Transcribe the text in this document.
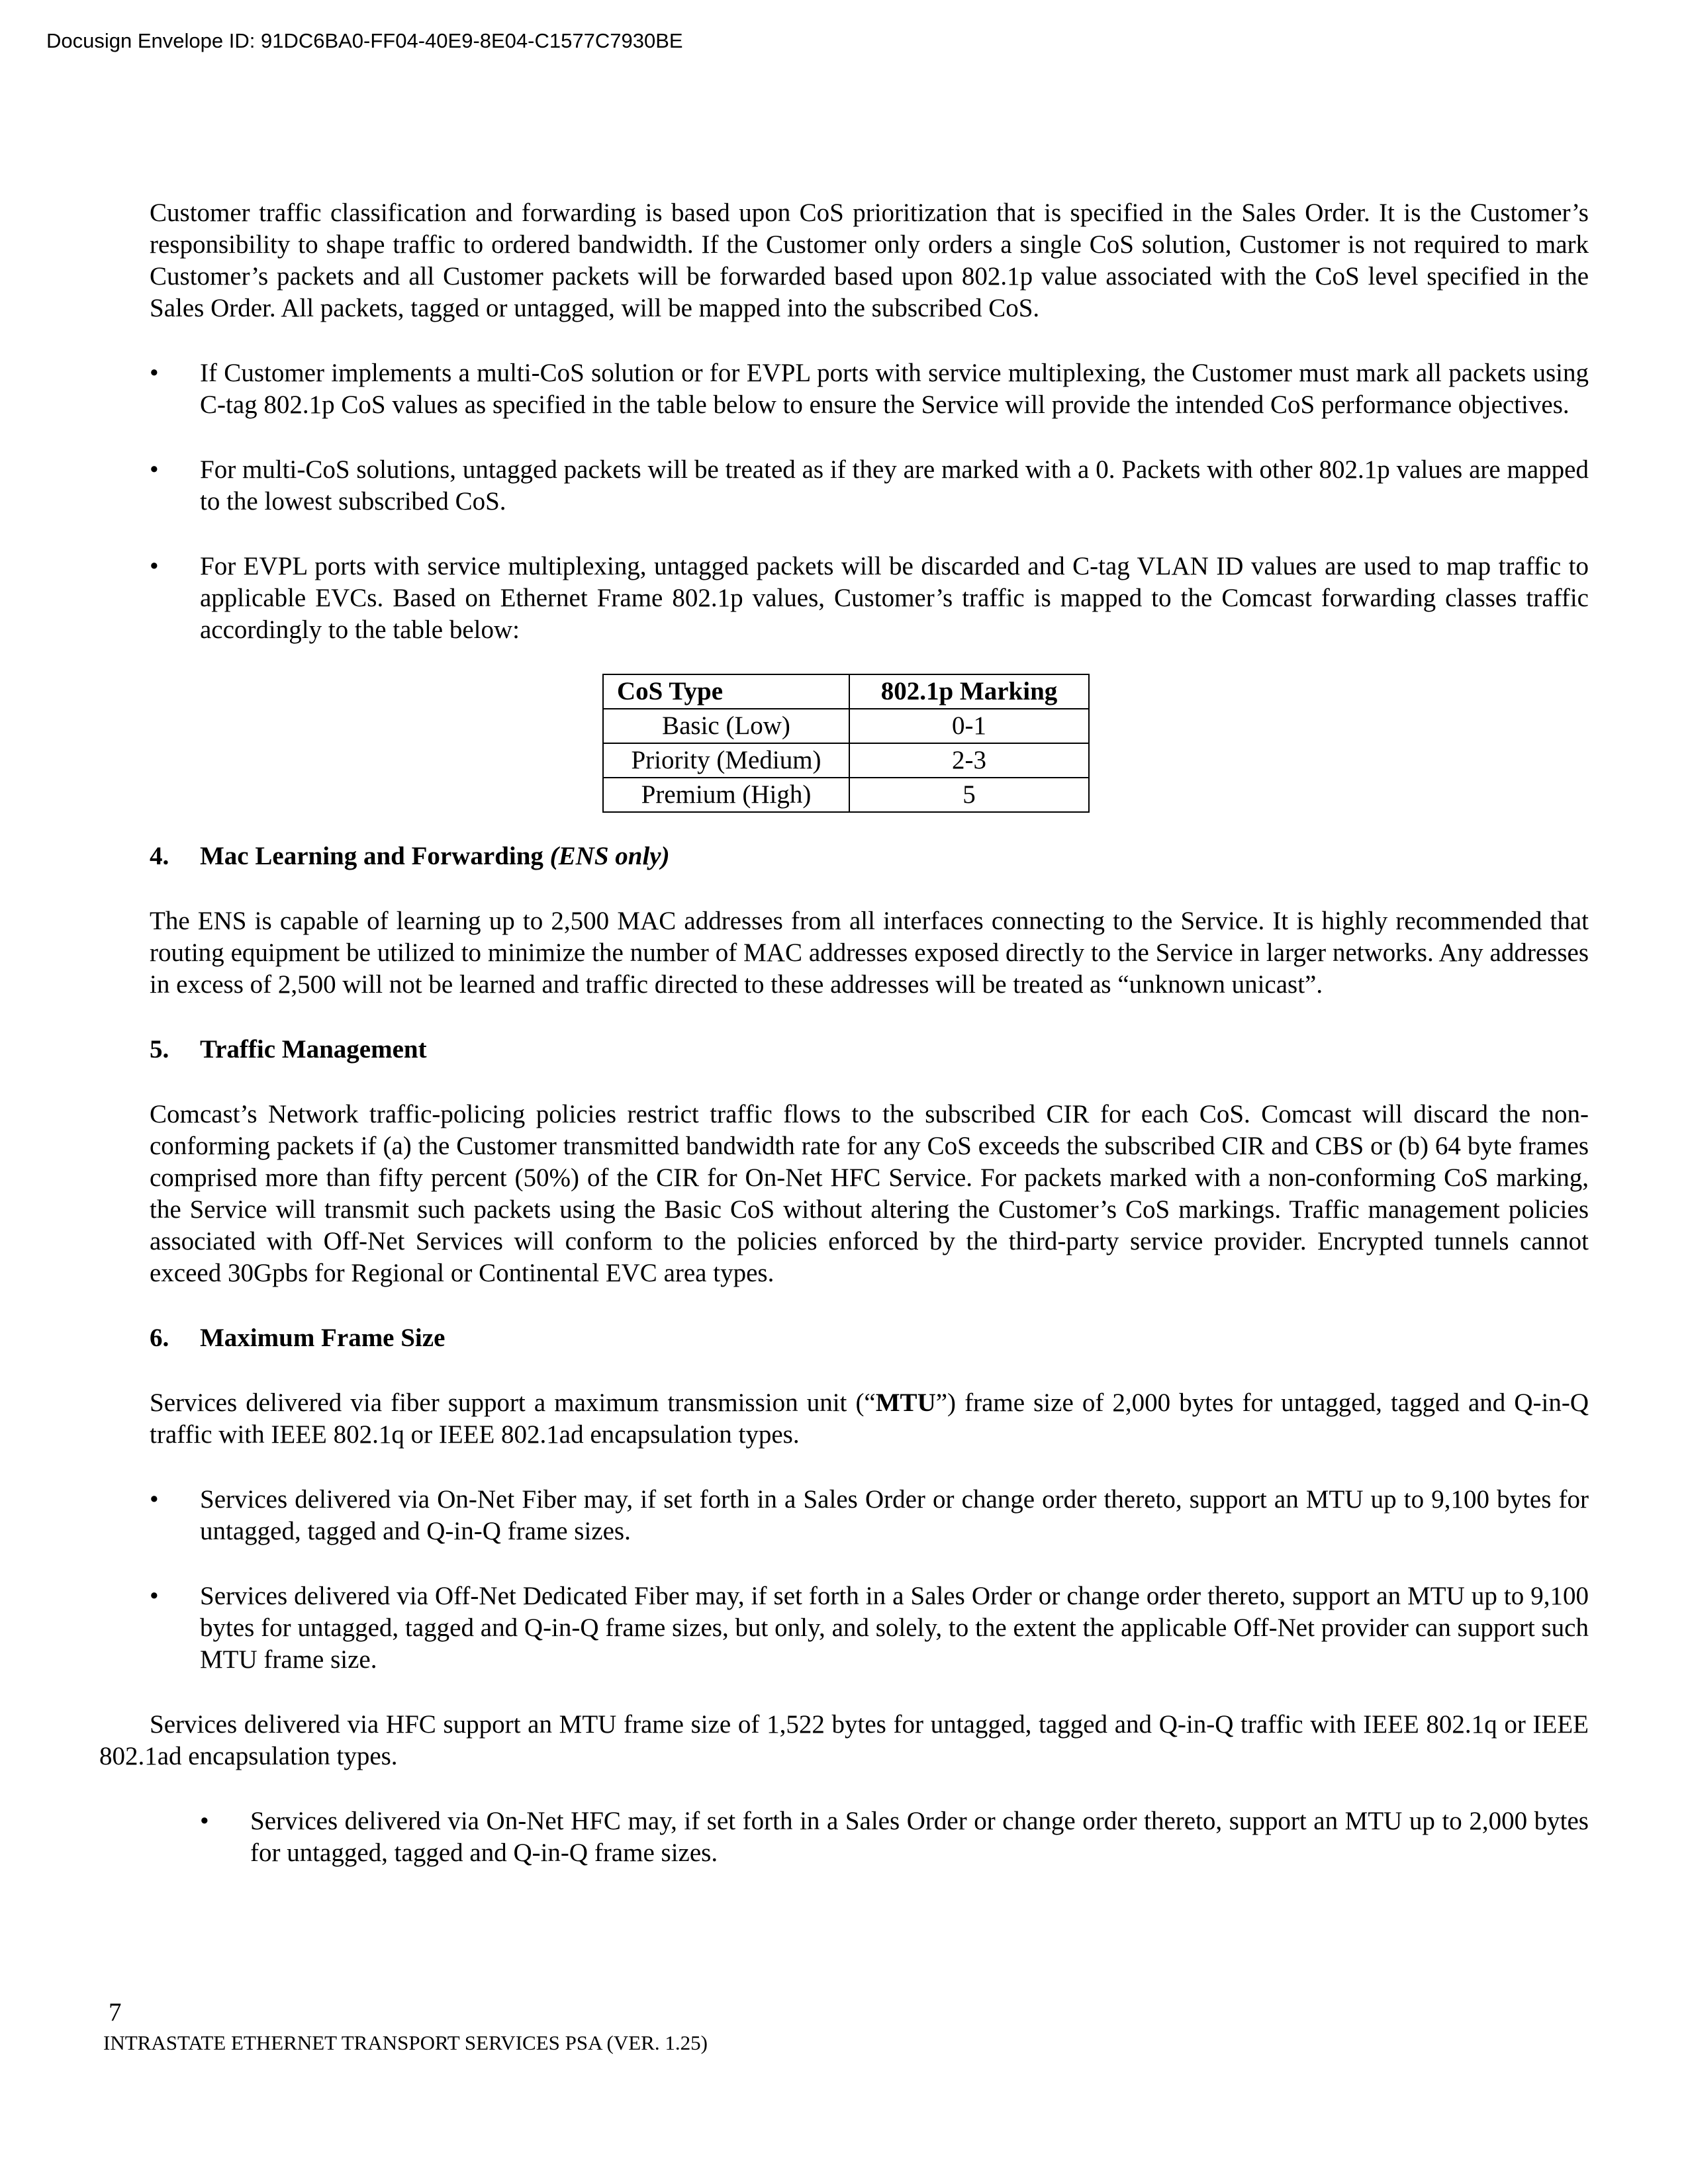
Docusign Envelope ID: 91DC6BA0-FF04-40E9-8E04-C1577C7930BE

Customer traffic classification and forwarding is based upon CoS prioritization that is specified in the Sales Order. It is the Customer’s responsibility to shape traffic to ordered bandwidth. If the Customer only orders a single CoS solution, Customer is not required to mark Customer’s packets and all Customer packets will be forwarded based upon 802.1p value associated with the CoS level specified in the Sales Order. All packets, tagged or untagged, will be mapped into the subscribed CoS.

•	If Customer implements a multi-CoS solution or for EVPL ports with service multiplexing, the Customer must mark all packets using C-tag 802.1p CoS values as specified in the table below to ensure the Service will provide the intended CoS performance objectives.
•	For multi-CoS solutions, untagged packets will be treated as if they are marked with a 0. Packets with other 802.1p values are mapped to the lowest subscribed CoS.
•	For EVPL ports with service multiplexing, untagged packets will be discarded and C-tag VLAN ID values are used to map traffic to applicable EVCs. Based on Ethernet Frame 802.1p values, Customer’s traffic is mapped to the Comcast forwarding classes traffic accordingly to the table below:
CoS Type	802.1p Marking
Basic (Low)	0-1
Priority (Medium)	2-3
Premium (High)	5
4. Mac Learning and Forwarding (ENS only)

The ENS is capable of learning up to 2,500 MAC addresses from all interfaces connecting to the Service. It is highly recommended that routing equipment be utilized to minimize the number of MAC addresses exposed directly to the Service in larger networks. Any addresses in excess of 2,500 will not be learned and traffic directed to these addresses will be treated as “unknown unicast”.

5. Traffic Management

Comcast’s Network traffic-policing policies restrict traffic flows to the subscribed CIR for each CoS. Comcast will discard the non-conforming packets if (a) the Customer transmitted bandwidth rate for any CoS exceeds the subscribed CIR and CBS or (b) 64 byte frames comprised more than fifty percent (50%) of the CIR for On-Net HFC Service. For packets marked with a non-conforming CoS marking, the Service will transmit such packets using the Basic CoS without altering the Customer’s CoS markings. Traffic management policies associated with Off-Net Services will conform to the policies enforced by the third-party service provider. Encrypted tunnels cannot exceed 30Gpbs for Regional or Continental EVC area types.

6. Maximum Frame Size

Services delivered via fiber support a maximum transmission unit (“MTU”) frame size of 2,000 bytes for untagged, tagged and Q-in-Q traffic with IEEE 802.1q or IEEE 802.1ad encapsulation types.

•	Services delivered via On-Net Fiber may, if set forth in a Sales Order or change order thereto, support an MTU up to 9,100 bytes for untagged, tagged and Q-in-Q frame sizes.
•	Services delivered via Off-Net Dedicated Fiber may, if set forth in a Sales Order or change order thereto, support an MTU up to 9,100 bytes for untagged, tagged and Q-in-Q frame sizes, but only, and solely, to the extent the applicable Off-Net provider can support such MTU frame size.

Services delivered via HFC support an MTU frame size of 1,522 bytes for untagged, tagged and Q-in-Q traffic with IEEE 802.1q or IEEE 802.1ad encapsulation types.

• Services delivered via On-Net HFC may, if set forth in a Sales Order or change order thereto, support an MTU up to 2,000 bytes for untagged, tagged and Q-in-Q frame sizes.
7
INTRASTATE ETHERNET TRANSPORT SERVICES PSA (VER. 1.25)
